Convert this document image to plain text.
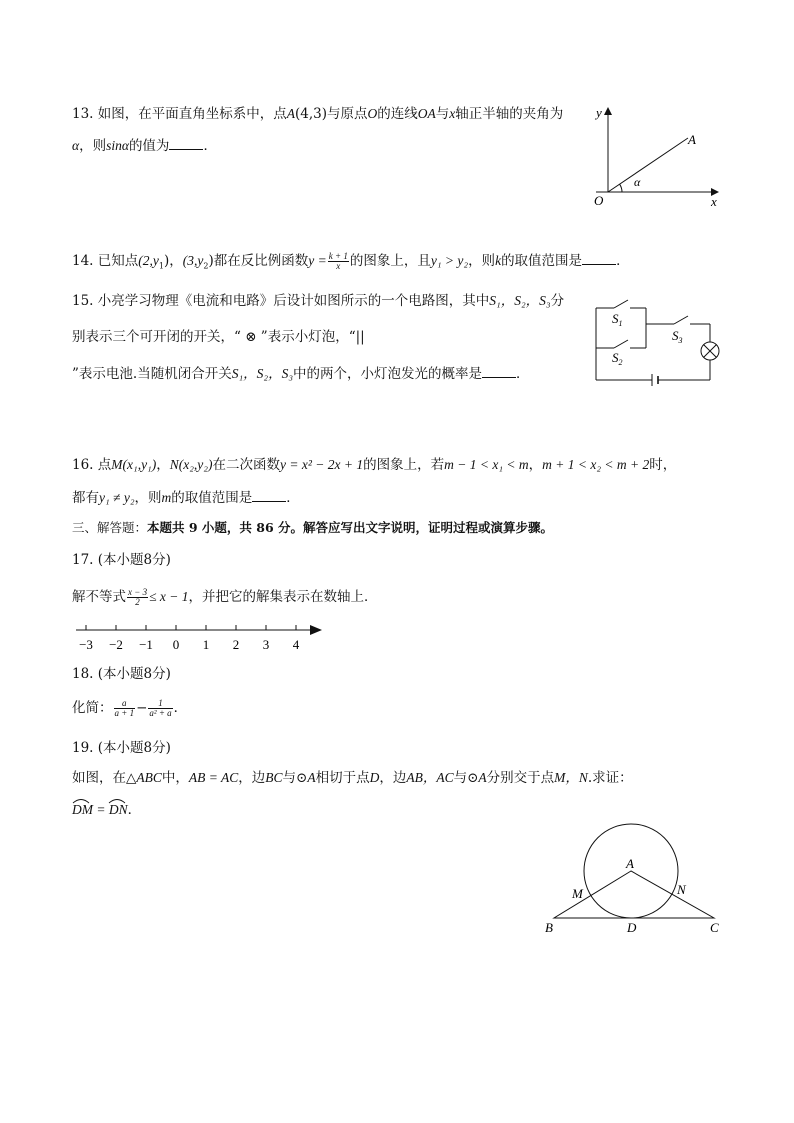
13. 如图，在平面直角坐标系中，点A(4,3)与原点O的连线OA与x轴正半轴的夹角为
α，则sinα的值为	．
y
x
O
A
α
14. 已知点$(2,y_1)$，$(3,y_2)$都在反比例函数$y = \frac{k + 1}{x}$ 的图象上，且y₁ > y₂，则k的取值范围是	．
15. 小亮学习物理《电流和电路》后设计如图所示的一个电路图，其中S₁，S₂，S₃分
别表示三个可开闭的开关，“ ⊗ ”表示小灯泡，“|⁠|
”表示电池.当随机闭合开关S₁，S₂，S₃中的两个，小灯泡发光的概率是	．
$S_1$
$S_2$
$S_3$
16. 点M(x₁,y₁)，N(x₂,y₂)在二次函数y = x² − 2x + 1的图象上，若m − 1 < x₁ < m，m + 1 < x₂ < m + 2时，
都有y₁ ≠ y₂，则m的取值范围是	．
三、解答题：本题共 9 小题，共 86 分。解答应写出文字说明，证明过程或演算步骤。
17. (本小题8分)
解不等式 $\frac{x - 3}{2} \le x - 1$，并把它的解集表示在数轴上．
−3 −2 −1 0 1 2 3 4
18. (本小题8分)
化简： $\frac{a}{a + 1} - \frac{1}{\text{a² + a}}$ ．
19. (本小题8分)
如图，在△ABC中，AB = AC，边BC与⊙A相切于点D，边AB，AC与⊙A分别交于点M，N.求证：
DM = DN．
A
B	C
D
M	N
